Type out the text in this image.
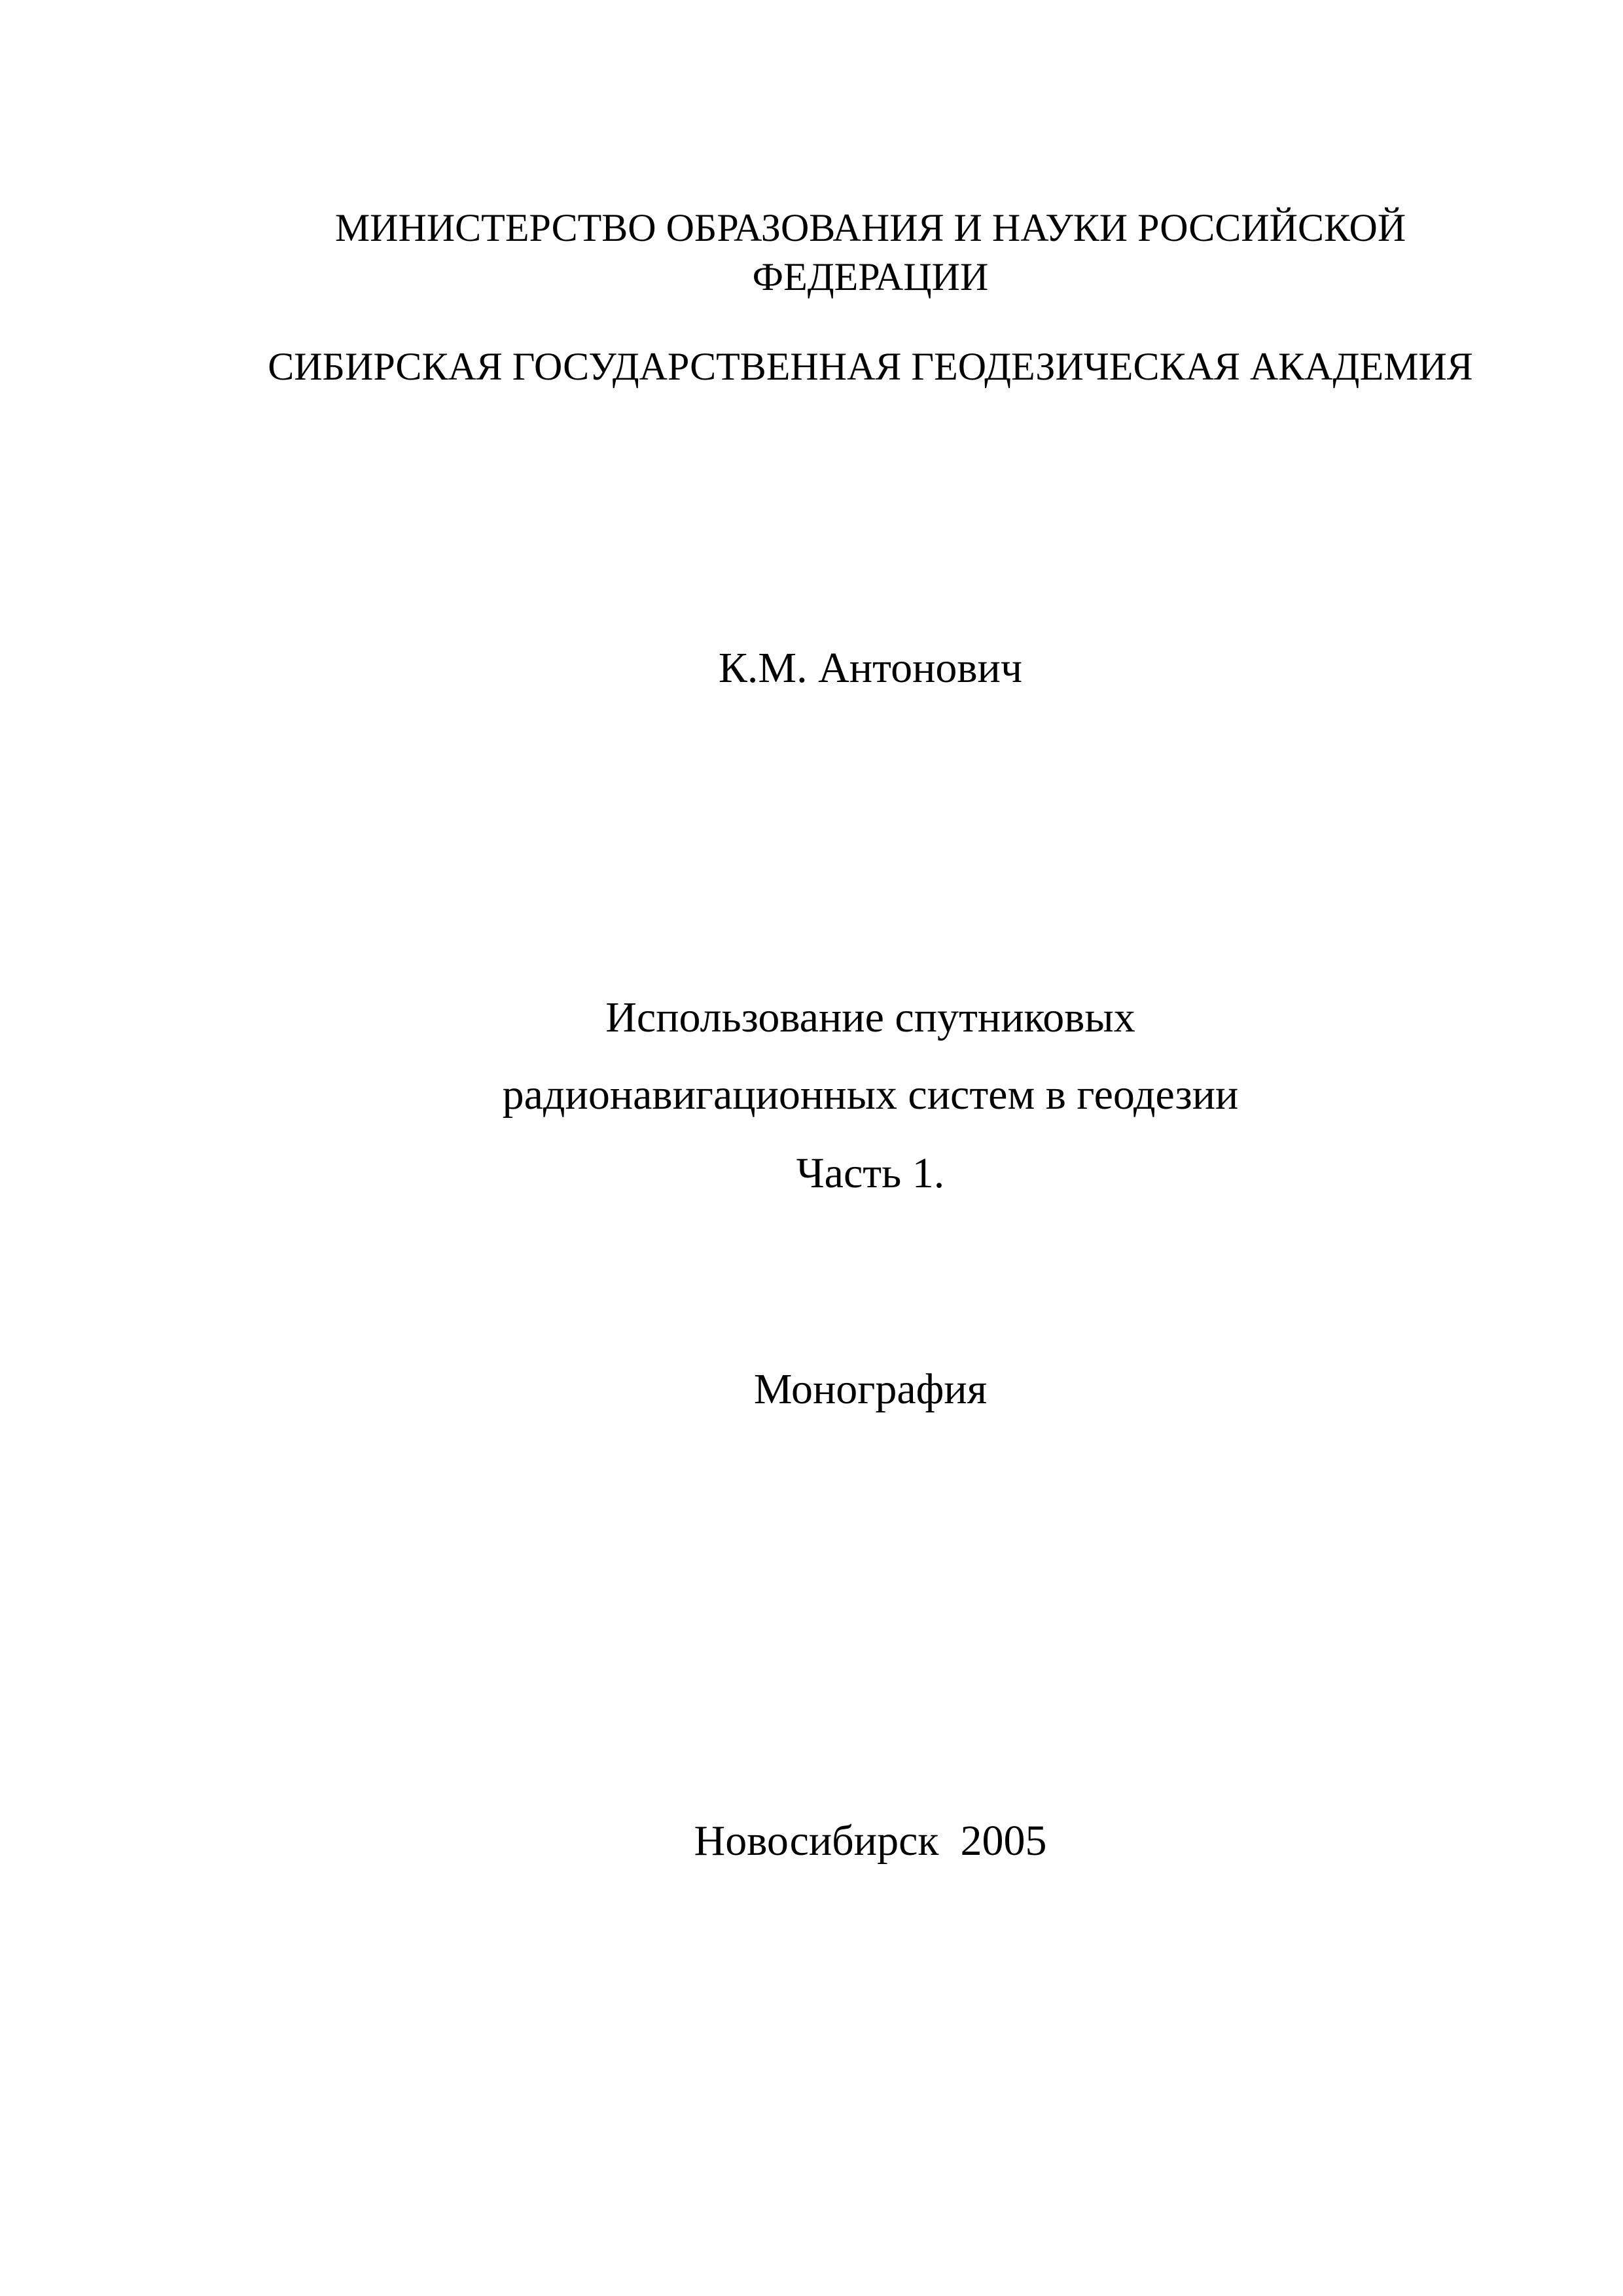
МИНИСТЕРСТВО ОБРАЗОВАНИЯ И НАУКИ РОССИЙСКОЙ
ФЕДЕРАЦИИ
СИБИРСКАЯ ГОСУДАРСТВЕННАЯ ГЕОДЕЗИЧЕСКАЯ АКАДЕМИЯ
К.М. Антонович
Использование спутниковых
радионавигационных систем в геодезии
Часть 1.
Монография
Новосибирск  2005
